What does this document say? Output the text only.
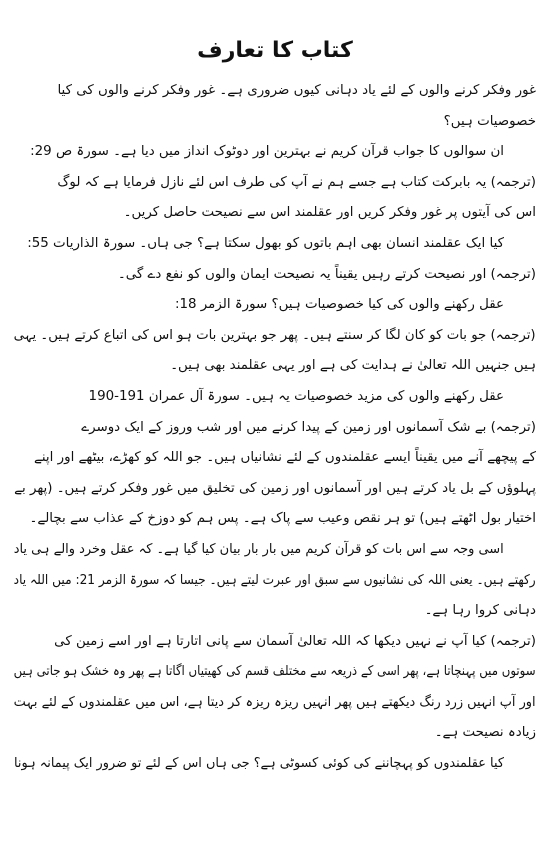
کتاب کا تعارف
غور وفکر کرنے والوں کے لئے یاد دہانی کیوں ضروری ہے۔ غور وفکر کرنے والوں کی کیا
خصوصیات ہیں؟
ان سوالوں کا جواب قرآن کریم نے بہترین اور دوٹوک انداز میں دیا ہے۔ سورۃ ص 29:
(ترجمہ) یہ بابرکت کتاب ہے جسے ہم نے آپ کی طرف اس لئے نازل فرمایا ہے کہ لوگ
اس کی آیتوں پر غور وفکر کریں اور عقلمند اس سے نصیحت حاصل کریں۔
کیا ایک عقلمند انسان بھی اہم باتوں کو بھول سکتا ہے؟ جی ہاں۔ سورۃ الذاریات 55:
(ترجمہ) اور نصیحت کرتے رہیں یقیناً یہ نصیحت ایمان والوں کو نفع دے گی۔
عقل رکھنے والوں کی کیا خصوصیات ہیں؟ سورۃ الزمر 18:
(ترجمہ) جو بات کو کان لگا کر سنتے ہیں۔ پھر جو بہترین بات ہو اس کی اتباع کرتے ہیں۔ یہی
ہیں جنہیں اللہ تعالیٰ نے ہدایت کی ہے اور یہی عقلمند بھی ہیں۔
عقل رکھنے والوں کی مزید خصوصیات یہ ہیں۔ سورۃ آل عمران 191-190
(ترجمہ) بے شک آسمانوں اور زمین کے پیدا کرنے میں اور شب وروز کے ایک دوسرے
کے پیچھے آنے میں یقیناً ایسے عقلمندوں کے لئے نشانیاں ہیں۔ جو اللہ کو کھڑے، بیٹھے اور اپنے
پہلوؤں کے بل یاد کرتے ہیں اور آسمانوں اور زمین کی تخلیق میں غور وفکر کرتے ہیں۔ (پھر بے
اختیار بول اٹھتے ہیں) تو ہر نقص وعیب سے پاک ہے۔ پس ہم کو دوزخ کے عذاب سے بچالے۔
اسی وجہ سے اس بات کو قرآن کریم میں بار بار بیان کیا گیا ہے۔ کہ عقل وخرد والے ہی یاد
رکھتے ہیں۔ یعنی اللہ کی نشانیوں سے سبق اور عبرت لیتے ہیں۔ جیسا کہ سورۃ الزمر 21: میں اللہ یاد
دہانی کروا رہا ہے۔
(ترجمہ) کیا آپ نے نہیں دیکھا کہ اللہ تعالیٰ آسمان سے پانی اتارتا ہے اور اسے زمین کی
سوتوں میں پہنچاتا ہے، پھر اسی کے ذریعہ سے مختلف قسم کی کھیتیاں اگاتا ہے پھر وہ خشک ہو جاتی ہیں
اور آپ انہیں زرد رنگ دیکھتے ہیں پھر انہیں ریزہ ریزہ کر دیتا ہے، اس میں عقلمندوں کے لئے بہت
زیادہ نصیحت ہے۔
کیا عقلمندوں کو پہچاننے کی کوئی کسوٹی ہے؟ جی ہاں اس کے لئے تو ضرور ایک پیمانہ ہونا
